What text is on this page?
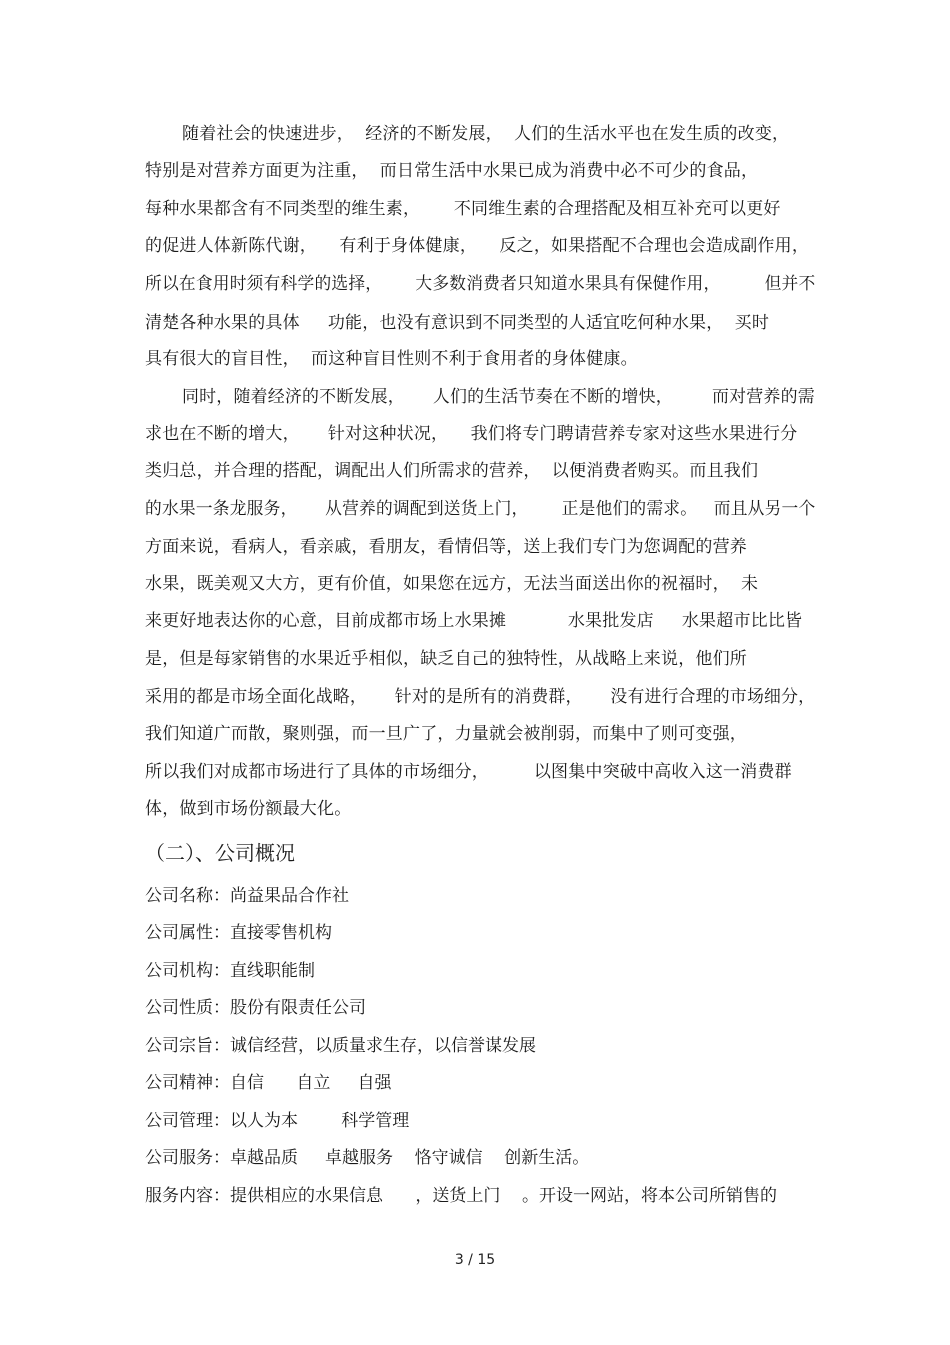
随着社会的快速进步，  经济的不断发展，  人们的生活水平也在发生质的改变，
特别是对营养方面更为注重，  而日常生活中水果已成为消费中必不可少的食品，
每种水果都含有不同类型的维生素，      不同维生素的合理搭配及相互补充可以更好
的促进人体新陈代谢，    有利于身体健康，    反之，如果搭配不合理也会造成副作用，
所以在食用时须有科学的选择，      大多数消费者只知道水果具有保健作用，        但并不
清楚各种水果的具体     功能，也没有意识到不同类型的人适宜吃何种水果，  买时
具有很大的盲目性，  而这种盲目性则不利于食用者的身体健康。
同时，随着经济的不断发展，     人们的生活节奏在不断的增快，       而对营养的需
求也在不断的增大，     针对这种状况，    我们将专门聘请营养专家对这些水果进行分
类归总，并合理的搭配，调配出人们所需求的营养，  以便消费者购买。而且我们
的水果一条龙服务，     从营养的调配到送货上门，      正是他们的需求。   而且从另一个
方面来说，看病人，看亲戚，看朋友，看情侣等，送上我们专门为您调配的营养
水果，既美观又大方，更有价值，如果您在远方，无法当面送出你的祝福时，  未
来更好地表达你的心意，目前成都市场上水果摊           水果批发店     水果超市比比皆
是，但是每家销售的水果近乎相似，缺乏自己的独特性，从战略上来说，他们所
采用的都是市场全面化战略，     针对的是所有的消费群，     没有进行合理的市场细分，
我们知道广而散，聚则强，而一旦广了，力量就会被削弱，而集中了则可变强，
所以我们对成都市场进行了具体的市场细分，        以图集中突破中高收入这一消费群
体，做到市场份额最大化。
（二）、公司概况
公司名称：尚益果品合作社
公司属性：直接零售机构
公司机构：直线职能制
公司性质：股份有限责任公司
公司宗旨：诚信经营，以质量求生存，以信誉谋发展
公司精神：自信      自立     自强
公司管理：以人为本        科学管理
公司服务：卓越品质     卓越服务    恪守诚信    创新生活。
服务内容：提供相应的水果信息      ，送货上门    。开设一网站，将本公司所销售的
3 / 15
